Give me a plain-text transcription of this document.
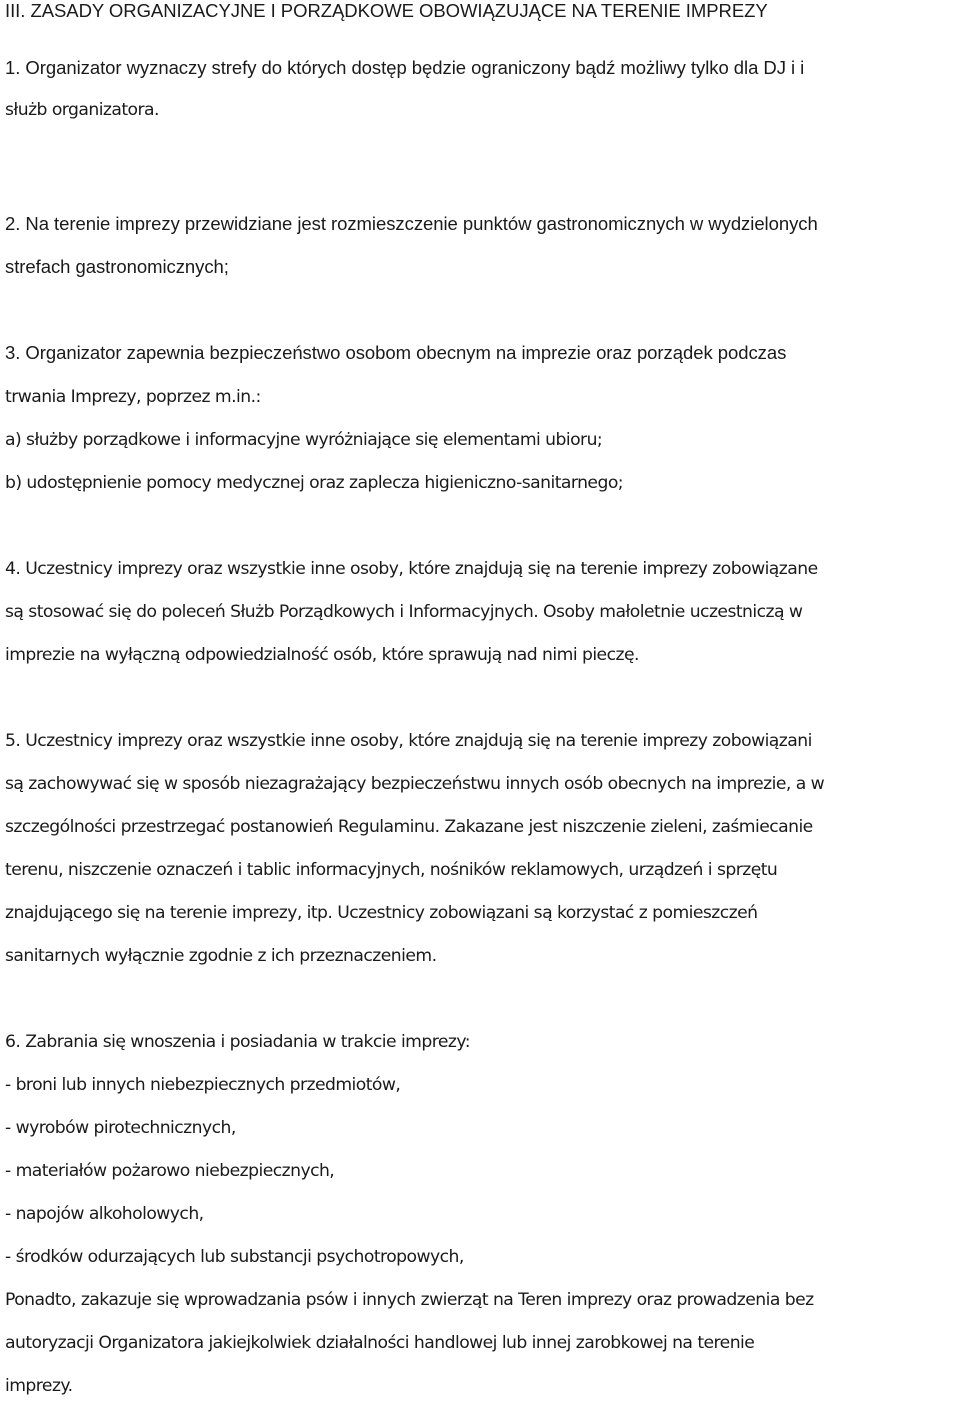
III. ZASADY ORGANIZACYJNE I PORZĄDKOWE OBOWIĄZUJĄCE NA TERENIE IMPREZY
1. Organizator wyznaczy strefy do których dostęp będzie ograniczony bądź możliwy tylko dla DJ i i
służb organizatora.
2. Na terenie imprezy przewidziane jest rozmieszczenie punktów gastronomicznych w wydzielonych
strefach gastronomicznych;
3. Organizator zapewnia bezpieczeństwo osobom obecnym na imprezie oraz porządek podczas
trwania Imprezy, poprzez m.in.:
a) służby porządkowe i informacyjne wyróżniające się elementami ubioru;
b) udostępnienie pomocy medycznej oraz zaplecza higieniczno-sanitarnego;
4. Uczestnicy imprezy oraz wszystkie inne osoby, które znajdują się na terenie imprezy zobowiązane
są stosować się do poleceń Służb Porządkowych i Informacyjnych. Osoby małoletnie uczestniczą w
imprezie na wyłączną odpowiedzialność osób, które sprawują nad nimi pieczę.
5. Uczestnicy imprezy oraz wszystkie inne osoby, które znajdują się na terenie imprezy zobowiązani
są zachowywać się w sposób niezagrażający bezpieczeństwu innych osób obecnych na imprezie, a w
szczególności przestrzegać postanowień Regulaminu. Zakazane jest niszczenie zieleni, zaśmiecanie
terenu, niszczenie oznaczeń i tablic informacyjnych, nośników reklamowych, urządzeń i sprzętu
znajdującego się na terenie imprezy, itp. Uczestnicy zobowiązani są korzystać z pomieszczeń
sanitarnych wyłącznie zgodnie z ich przeznaczeniem.
6. Zabrania się wnoszenia i posiadania w trakcie imprezy:
- broni lub innych niebezpiecznych przedmiotów,
- wyrobów pirotechnicznych,
- materiałów pożarowo niebezpiecznych,
- napojów alkoholowych,
- środków odurzających lub substancji psychotropowych,
Ponadto, zakazuje się wprowadzania psów i innych zwierząt na Teren imprezy oraz prowadzenia bez
autoryzacji Organizatora jakiejkolwiek działalności handlowej lub innej zarobkowej na terenie
imprezy.
